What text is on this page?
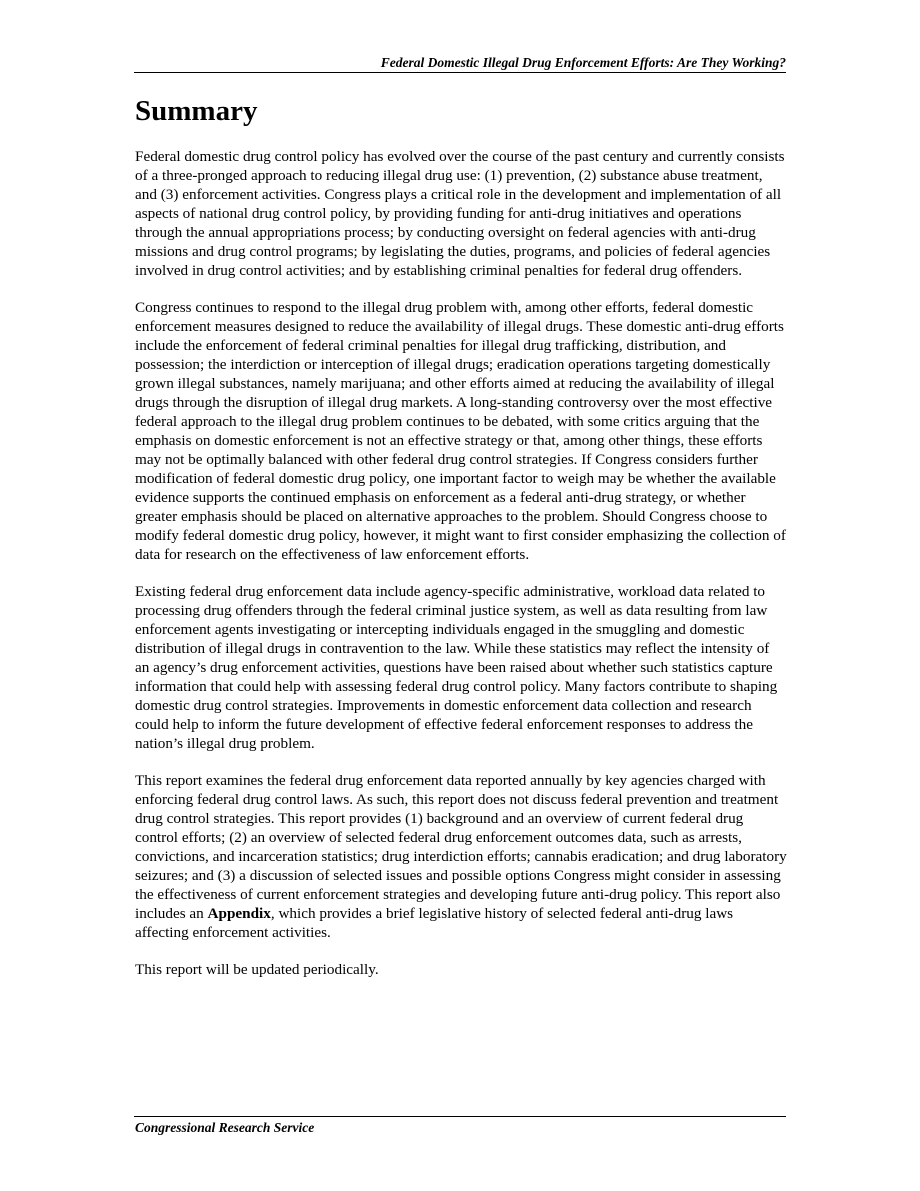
Federal Domestic Illegal Drug Enforcement Efforts: Are They Working?
Summary

Federal domestic drug control policy has evolved over the course of the past century and currently consists of a three-pronged approach to reducing illegal drug use: (1) prevention, (2) substance abuse treatment, and (3) enforcement activities. Congress plays a critical role in the development and implementation of all aspects of national drug control policy, by providing funding for anti-drug initiatives and operations through the annual appropriations process; by conducting oversight on federal agencies with anti-drug missions and drug control programs; by legislating the duties, programs, and policies of federal agencies involved in drug control activities; and by establishing criminal penalties for federal drug offenders.

Congress continues to respond to the illegal drug problem with, among other efforts, federal domestic enforcement measures designed to reduce the availability of illegal drugs. These domestic anti-drug efforts include the enforcement of federal criminal penalties for illegal drug trafficking, distribution, and possession; the interdiction or interception of illegal drugs; eradication operations targeting domestically grown illegal substances, namely marijuana; and other efforts aimed at reducing the availability of illegal drugs through the disruption of illegal drug markets. A long-standing controversy over the most effective federal approach to the illegal drug problem continues to be debated, with some critics arguing that the emphasis on domestic enforcement is not an effective strategy or that, among other things, these efforts may not be optimally balanced with other federal drug control strategies. If Congress considers further modification of federal domestic drug policy, one important factor to weigh may be whether the available evidence supports the continued emphasis on enforcement as a federal anti-drug strategy, or whether greater emphasis should be placed on alternative approaches to the problem. Should Congress choose to modify federal domestic drug policy, however, it might want to first consider emphasizing the collection of data for research on the effectiveness of law enforcement efforts.

Existing federal drug enforcement data include agency-specific administrative, workload data related to processing drug offenders through the federal criminal justice system, as well as data resulting from law enforcement agents investigating or intercepting individuals engaged in the smuggling and domestic distribution of illegal drugs in contravention to the law. While these statistics may reflect the intensity of an agency’s drug enforcement activities, questions have been raised about whether such statistics capture information that could help with assessing federal drug control policy. Many factors contribute to shaping domestic drug control strategies. Improvements in domestic enforcement data collection and research could help to inform the future development of effective federal enforcement responses to address the nation’s illegal drug problem.

This report examines the federal drug enforcement data reported annually by key agencies charged with enforcing federal drug control laws. As such, this report does not discuss federal prevention and treatment drug control strategies. This report provides (1) background and an overview of current federal drug control efforts; (2) an overview of selected federal drug enforcement outcomes data, such as arrests, convictions, and incarceration statistics; drug interdiction efforts; cannabis eradication; and drug laboratory seizures; and (3) a discussion of selected issues and possible options Congress might consider in assessing the effectiveness of current enforcement strategies and developing future anti-drug policy. This report also includes an Appendix, which provides a brief legislative history of selected federal anti-drug laws affecting enforcement activities.

This report will be updated periodically.

Congressional Research Service
